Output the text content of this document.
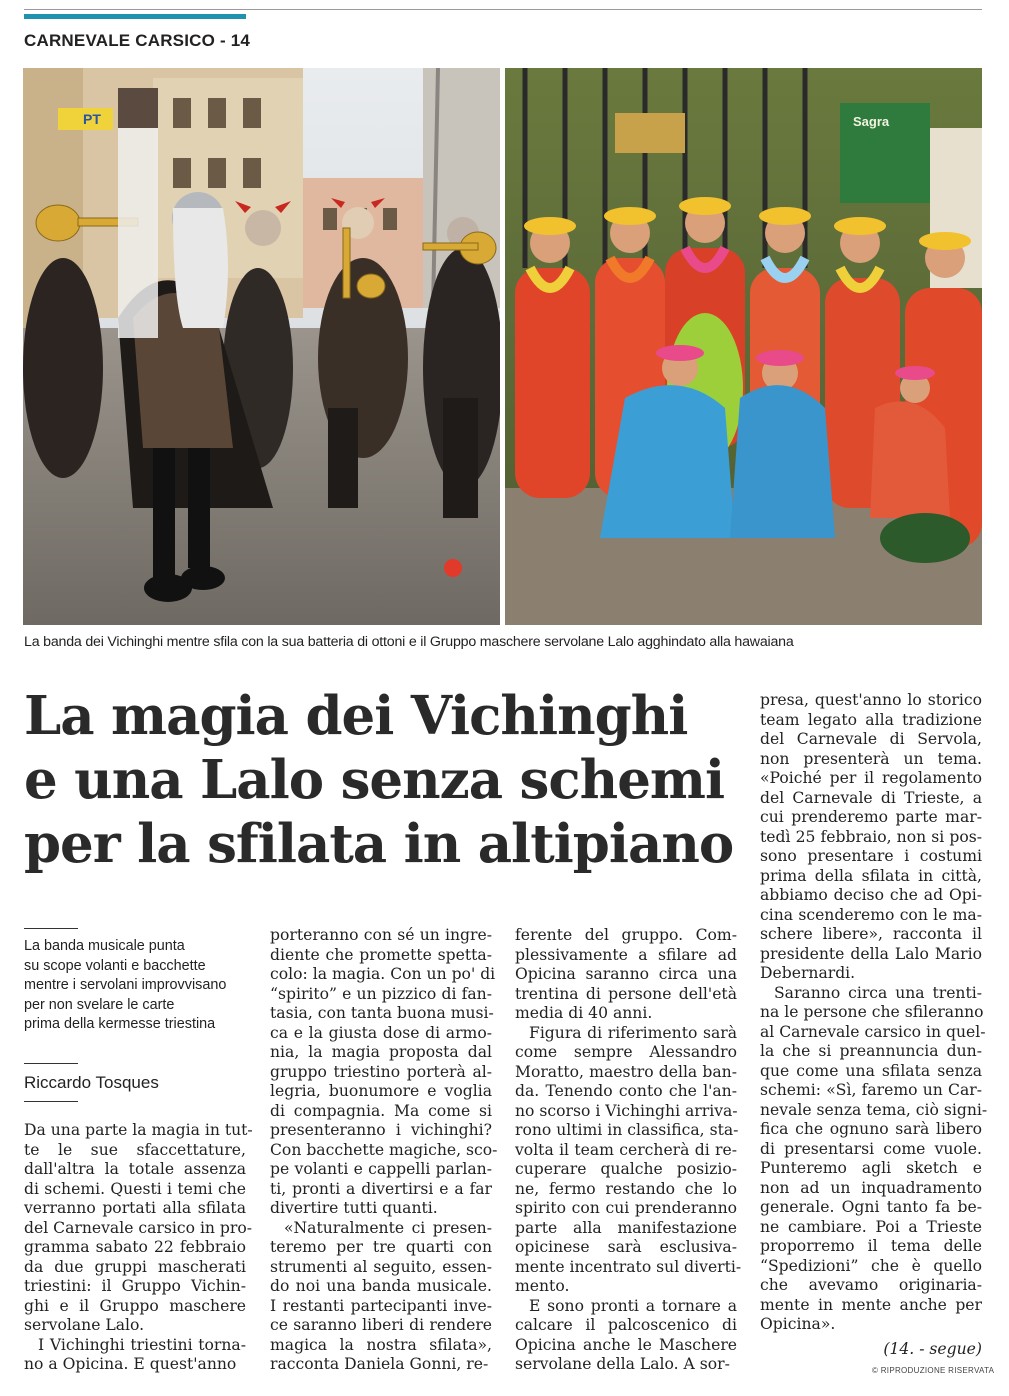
CARNEVALE CARSICO - 14
PT	Sagra
La banda dei Vichinghi mentre sfila con la sua batteria di ottoni e il Gruppo maschere servolane Lalo agghindato alla hawaiana
La magia dei Vichinghi
e una Lalo senza schemi
per la sfilata in altipiano
La banda musicale punta
su scope volanti e bacchette
mentre i servolani improvvisano
per non svelare le carte
prima della kermesse triestina
Riccardo Tosques
Da una parte la magia in tut-
te le sue sfaccettature,
dall'altra la totale assenza
di schemi. Questi i temi che
verranno portati alla sfilata
del Carnevale carsico in pro-
gramma sabato 22 febbraio
da due gruppi mascherati
triestini: il Gruppo Vichin-
ghi e il Gruppo maschere
servolane Lalo.
I Vichinghi triestini torna-
no a Opicina. E quest'anno
porteranno con sé un ingre-
diente che promette spetta-
colo: la magia. Con un po' di
“spirito” e un pizzico di fan-
tasia, con tanta buona musi-
ca e la giusta dose di armo-
nia, la magia proposta dal
gruppo triestino porterà al-
legria, buonumore e voglia
di compagnia. Ma come si
presenteranno i vichinghi?
Con bacchette magiche, sco-
pe volanti e cappelli parlan-
ti, pronti a divertirsi e a far
divertire tutti quanti.
«Naturalmente ci presen-
teremo per tre quarti con
strumenti al seguito, essen-
do noi una banda musicale.
I restanti partecipanti inve-
ce saranno liberi di rendere
magica la nostra sfilata»,
racconta Daniela Gonni, re-
ferente del gruppo. Com-
plessivamente a sfilare ad
Opicina saranno circa una
trentina di persone dell'età
media di 40 anni.
Figura di riferimento sarà
come sempre Alessandro
Moratto, maestro della ban-
da. Tenendo conto che l'an-
no scorso i Vichinghi arriva-
rono ultimi in classifica, sta-
volta il team cercherà di re-
cuperare qualche posizio-
ne, fermo restando che lo
spirito con cui prenderanno
parte alla manifestazione
opicinese sarà esclusiva-
mente incentrato sul diverti-
mento.
E sono pronti a tornare a
calcare il palcoscenico di
Opicina anche le Maschere
servolane della Lalo. A sor-
presa, quest'anno lo storico
team legato alla tradizione
del Carnevale di Servola,
non presenterà un tema.
«Poiché per il regolamento
del Carnevale di Trieste, a
cui prenderemo parte mar-
tedì 25 febbraio, non si pos-
sono presentare i costumi
prima della sfilata in città,
abbiamo deciso che ad Opi-
cina scenderemo con le ma-
schere libere», racconta il
presidente della Lalo Mario
Debernardi.
Saranno circa una trenti-
na le persone che sfileranno
al Carnevale carsico in quel-
la che si preannuncia dun-
que come una sfilata senza
schemi: «Sì, faremo un Car-
nevale senza tema, ciò signi-
fica che ognuno sarà libero
di presentarsi come vuole.
Punteremo agli sketch e
non ad un inquadramento
generale. Ogni tanto fa be-
ne cambiare. Poi a Trieste
proporremo il tema delle
“Spedizioni” che è quello
che avevamo originaria-
mente in mente anche per
Opicina».
(14. - segue)
© RIPRODUZIONE RISERVATA
